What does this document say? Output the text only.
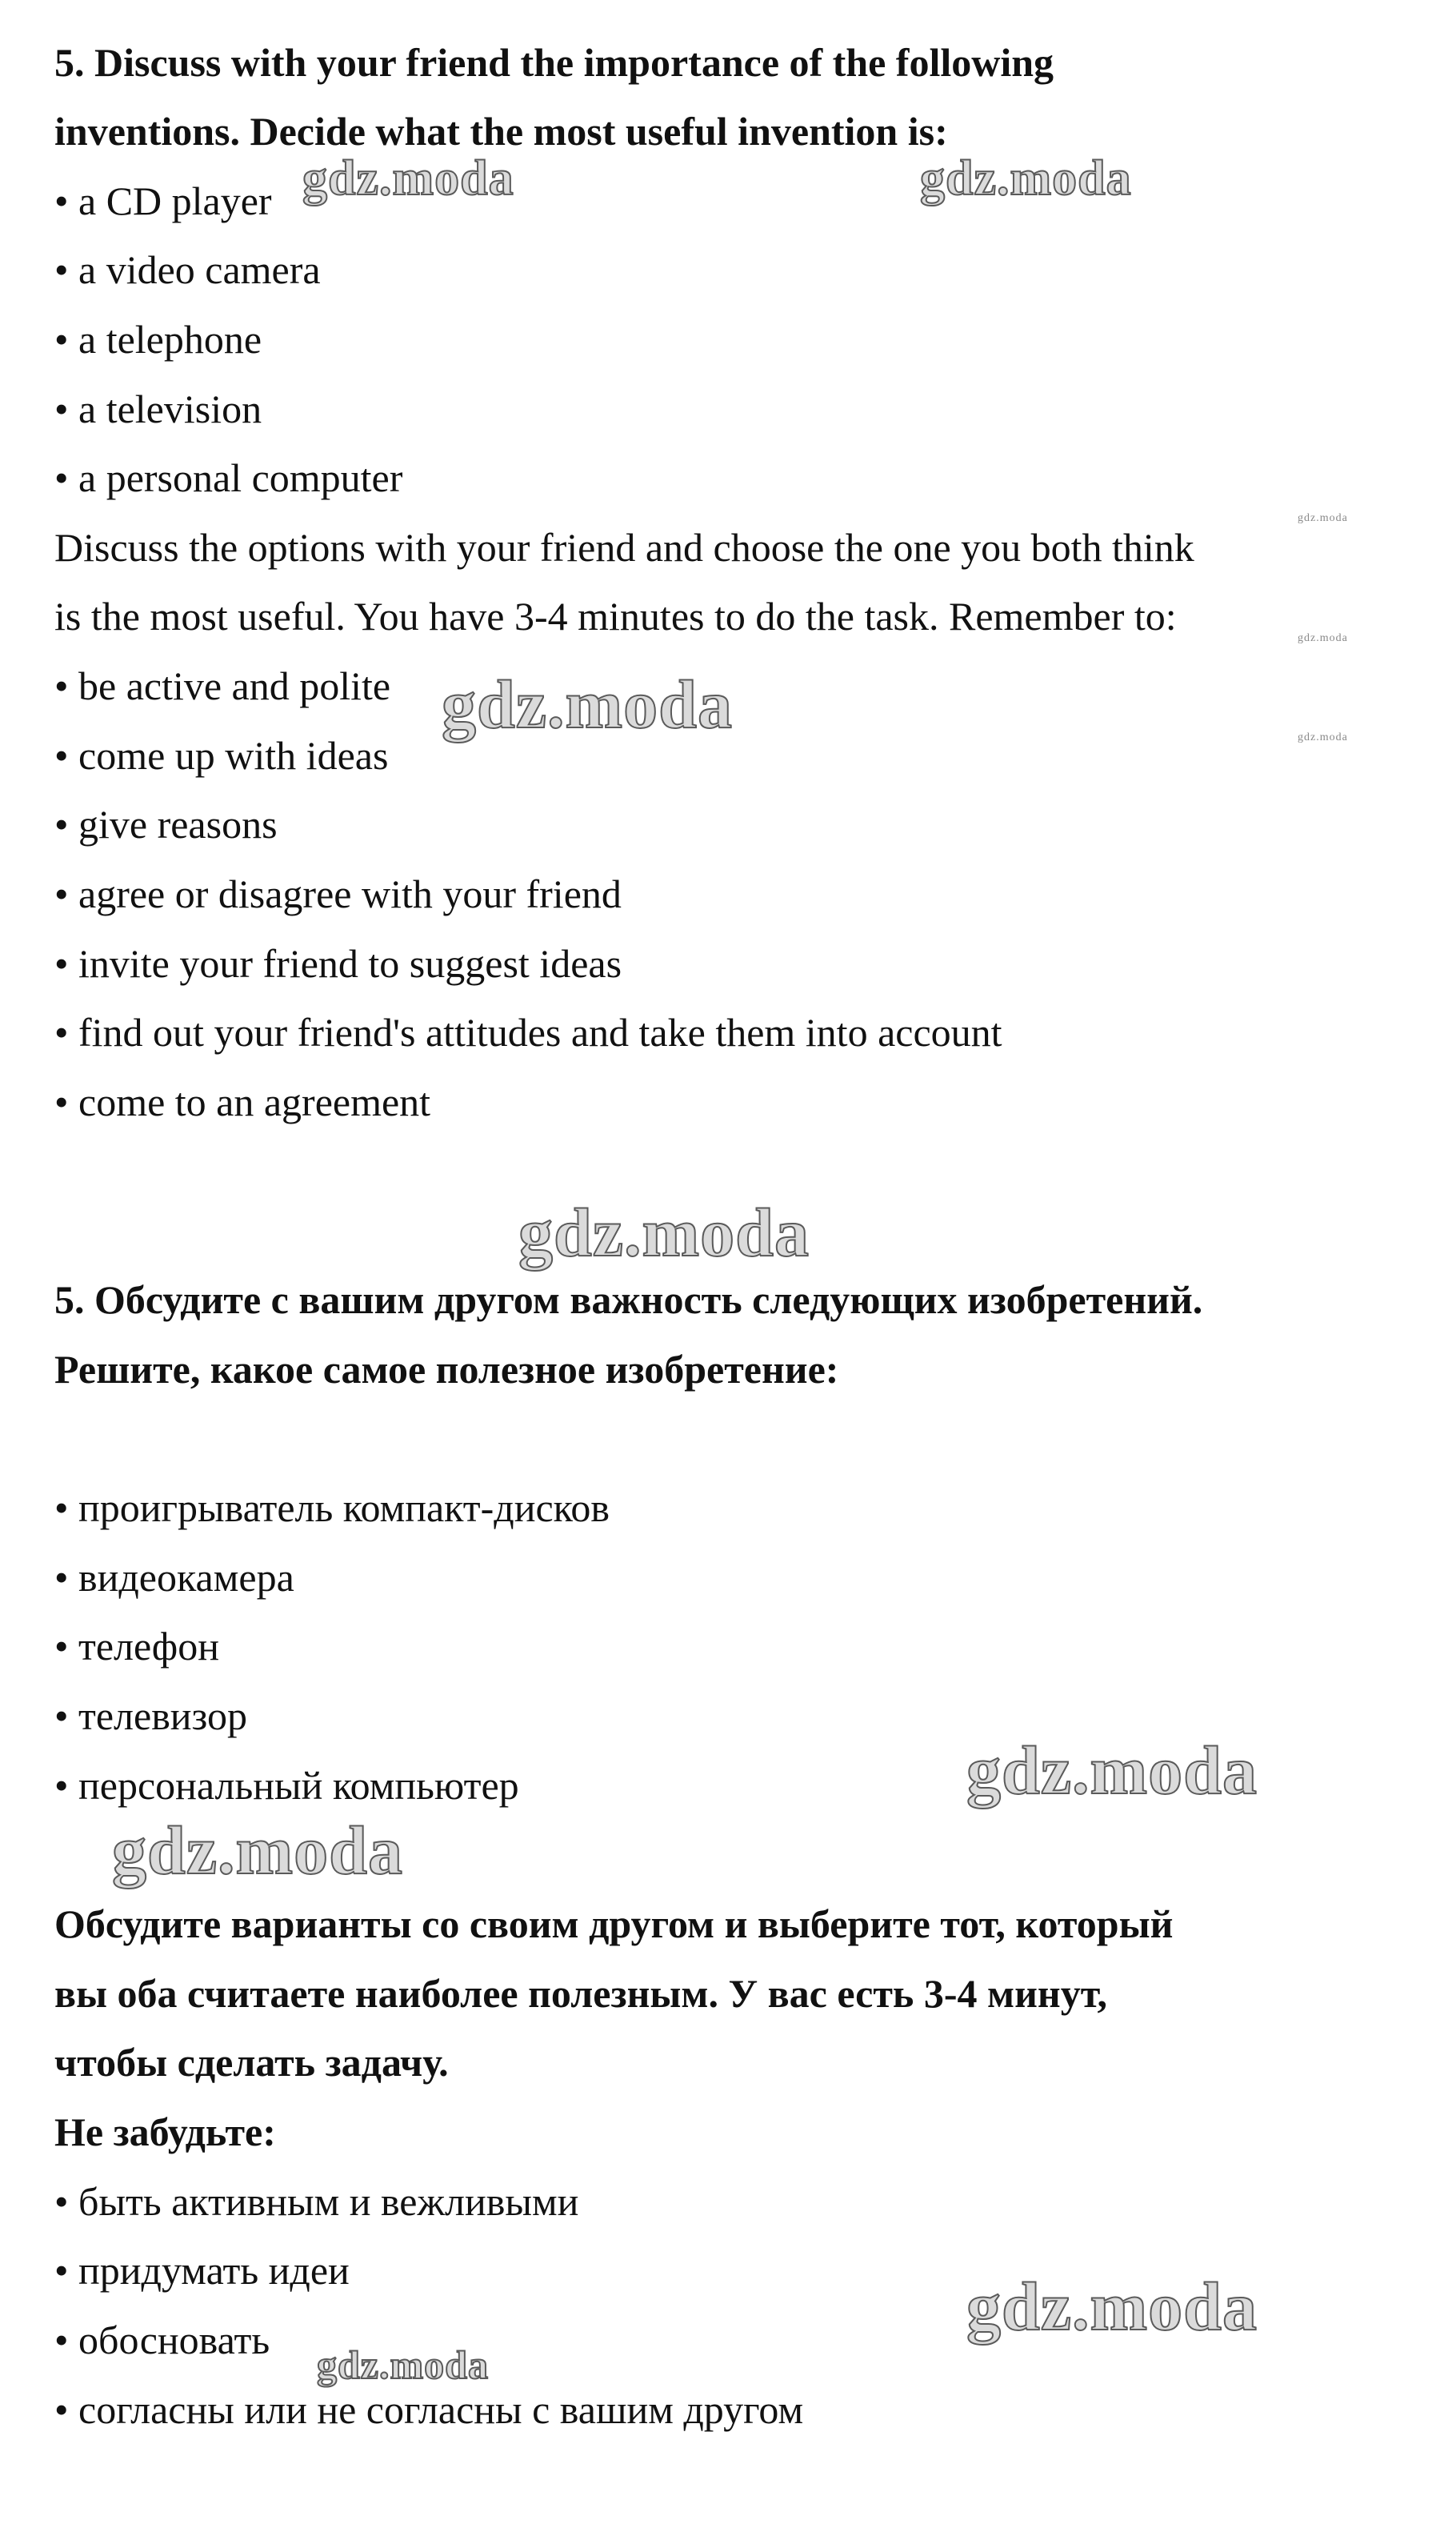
5. Discuss with your friend the importance of the following
inventions. Decide what the most useful invention is:
• a CD player
• a video camera
• a telephone
• a television
• a personal computer
Discuss the options with your friend and choose the one you both think
is the most useful. You have 3-4 minutes to do the task. Remember to:
• be active and polite
• come up with ideas
• give reasons
• agree or disagree with your friend
• invite your friend to suggest ideas
• find out your friend's attitudes and take them into account
• come to an agreement
5. Обсудите с вашим другом важность следующих изобретений.
Решите, какое самое полезное изобретение:
• проигрыватель компакт-дисков
• видеокамера
• телефон
• телевизор
• персональный компьютер
Обсудите варианты со своим другом и выберите тот, который
вы оба считаете наиболее полезным. У вас есть 3-4 минут,
чтобы сделать задачу.
Не забудьте:
• быть активным и вежливыми
• придумать идеи
• обосновать
• согласны или не согласны с вашим другом
gdz.moda	gdz.moda
gdz.moda
gdz.moda
gdz.moda
gdz.moda
gdz.moda
gdz.moda
gdz.moda
gdz.moda
gdz.moda
